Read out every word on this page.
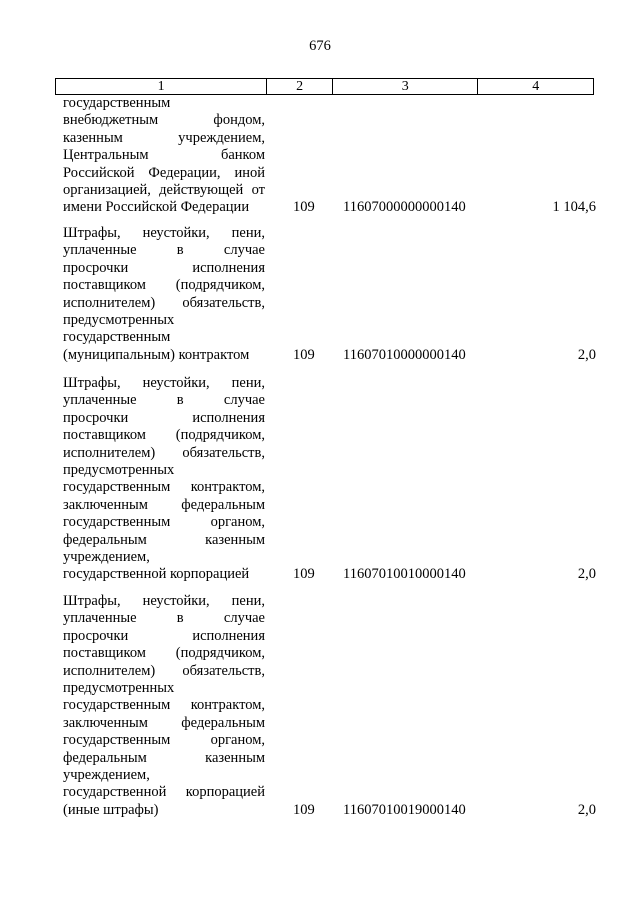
676
1	2	3	4
государственным
внебюджетным фондом,
казенным учреждением,
Центральным банком
Российской Федерации, иной
организацией, действующей от
имени Российской Федерации	109 11607000000000140	1 104,6
Штрафы, неустойки, пени,
уплаченные в случае
просрочки исполнения
поставщиком (подрядчиком,
исполнителем) обязательств,
предусмотренных
государственным
(муниципальным) контрактом	109 11607010000000140	2,0
Штрафы, неустойки, пени,
уплаченные в случае
просрочки исполнения
поставщиком (подрядчиком,
исполнителем) обязательств,
предусмотренных
государственным контрактом,
заключенным федеральным
государственным органом,
федеральным казенным
учреждением,
государственной корпорацией	109 11607010010000140	2,0
Штрафы, неустойки, пени,
уплаченные в случае
просрочки исполнения
поставщиком (подрядчиком,
исполнителем) обязательств,
предусмотренных
государственным контрактом,
заключенным федеральным
государственным органом,
федеральным казенным
учреждением,
государственной корпорацией
(иные штрафы)	109 11607010019000140	2,0
